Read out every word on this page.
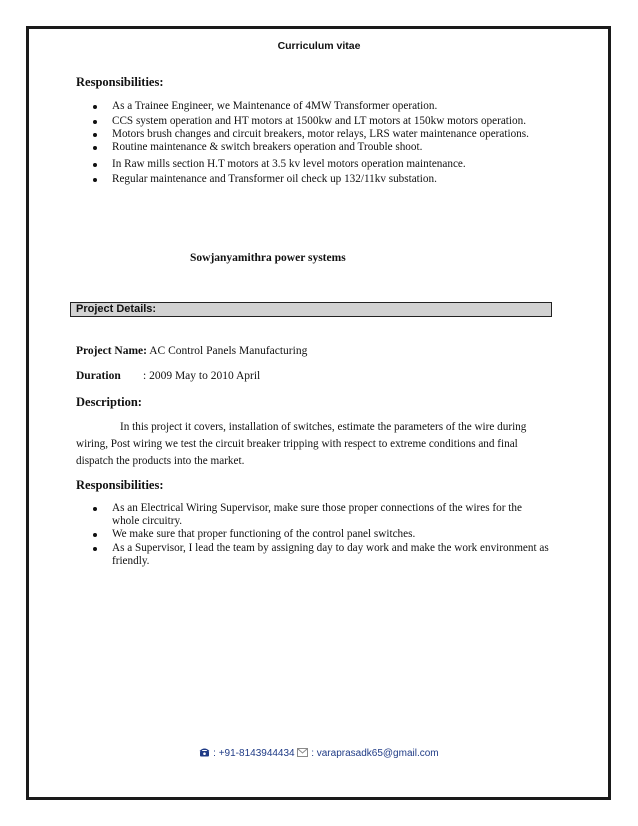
Curriculum vitae
Responsibilities:
As a Trainee Engineer, we Maintenance of 4MW Transformer operation.
CCS system operation and HT motors at 1500kw and LT motors at 150kw motors operation.
Motors brush changes and circuit breakers, motor relays, LRS water maintenance operations.
Routine maintenance & switch breakers operation and Trouble shoot.
In Raw mills section H.T motors at 3.5 kv level motors operation maintenance.
Regular maintenance and Transformer oil check up 132/11kv substation.
Sowjanyamithra power systems
Project Details:
Project Name: AC Control Panels Manufacturing
Duration : 2009 May to 2010 April
Description:
In this project it covers, installation of switches, estimate the parameters of the wire during
wiring, Post wiring we test the circuit breaker tripping with respect to extreme conditions and final
dispatch the products into the market.
Responsibilities:
As an Electrical Wiring Supervisor, make sure those proper connections of the wires for the
whole circuitry.
We make sure that proper functioning of the control panel switches.
As a Supervisor, I lead the team by assigning day to day work and make the work environment as
friendly.
: +91-8143944434 : varaprasadk65@gmail.com
